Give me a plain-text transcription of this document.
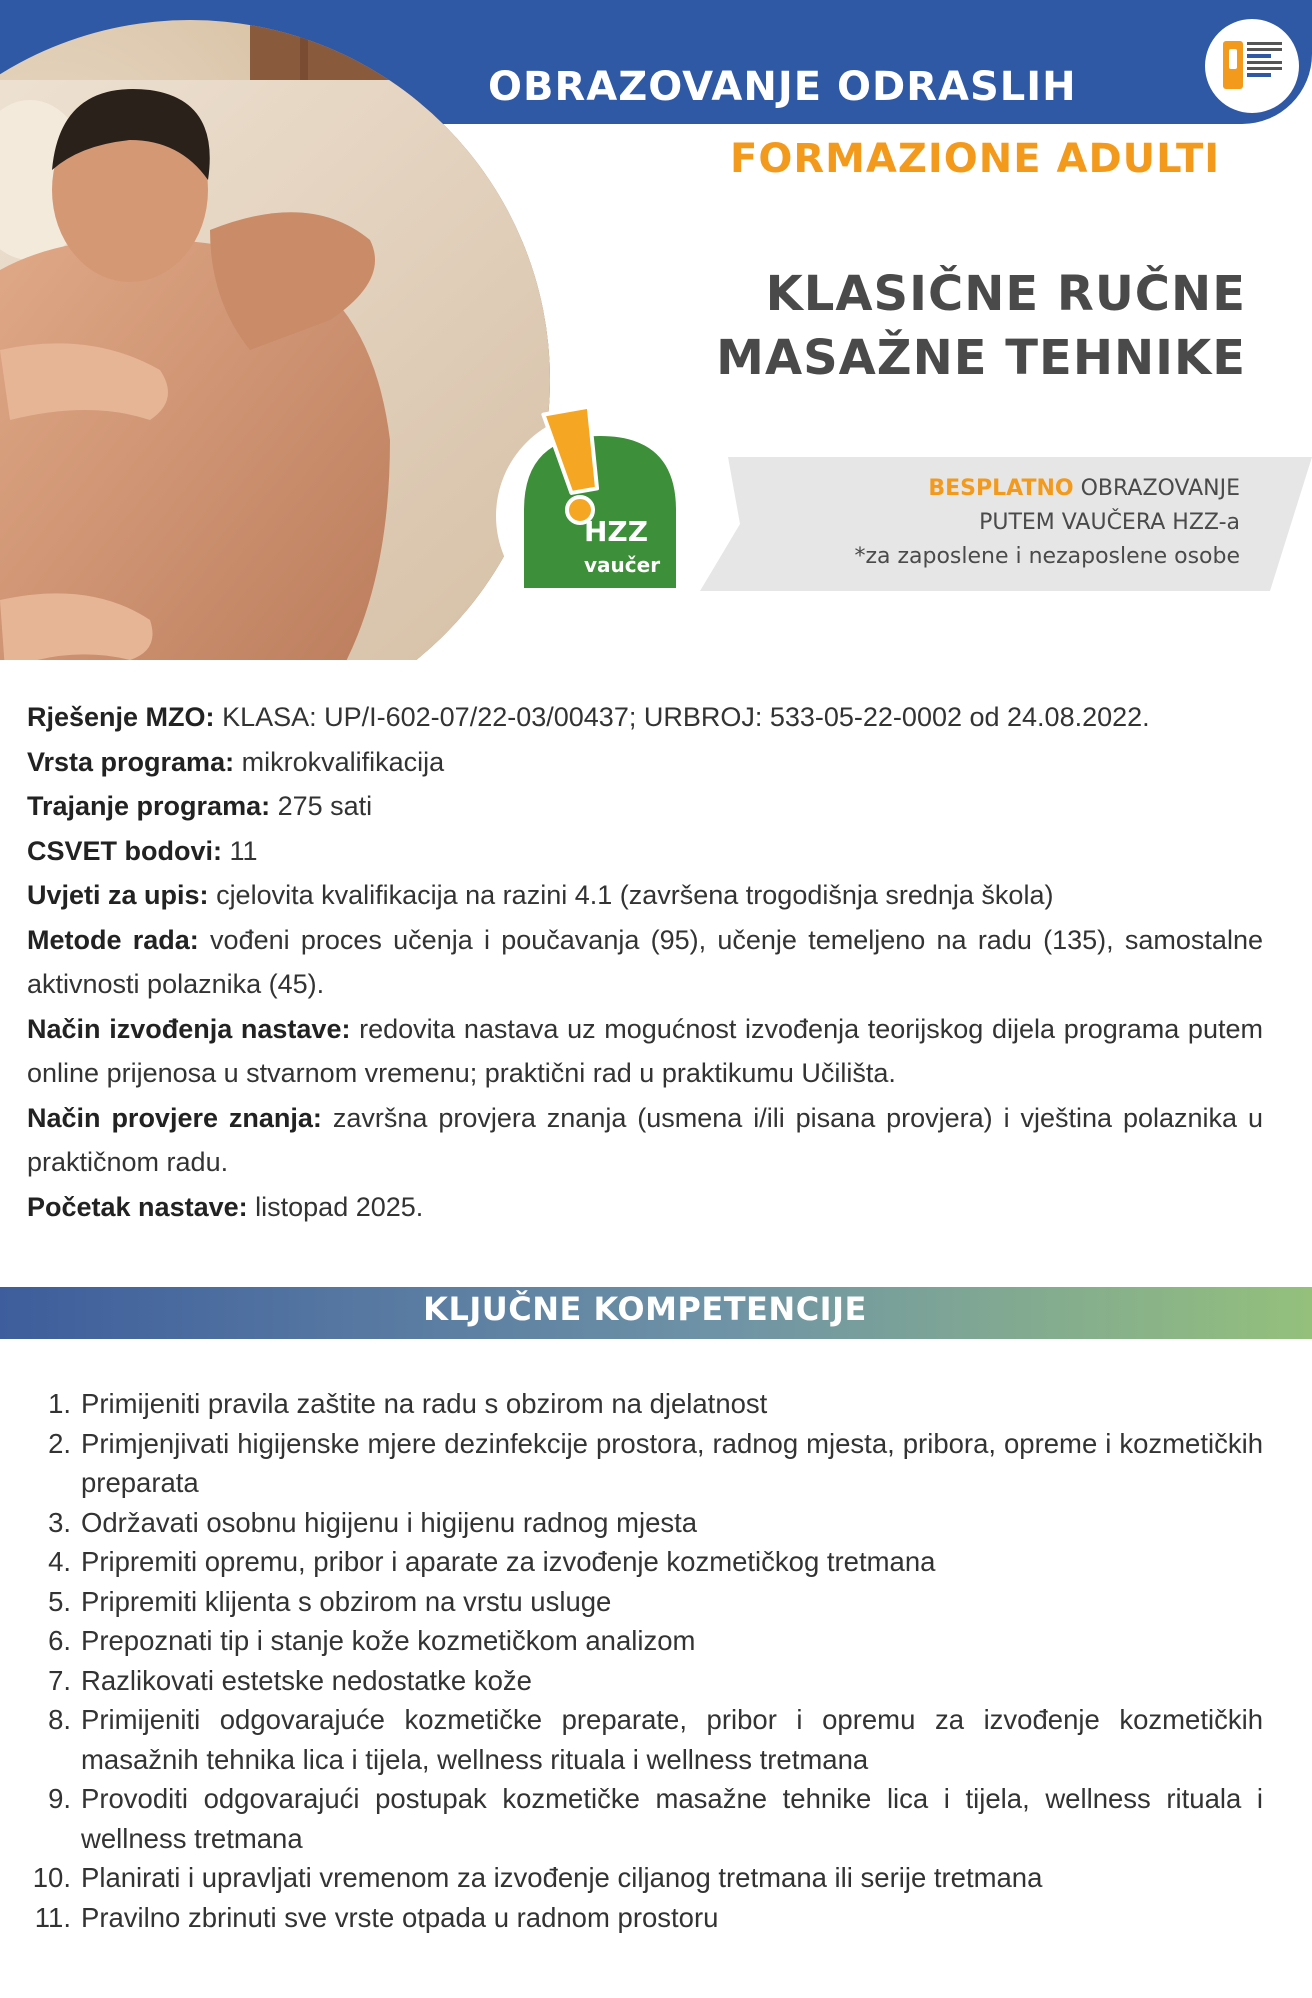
OBRAZOVANJE ODRASLIH
FORMAZIONE ADULTI
KLASIČNE RUČNE
MASAŽNE TEHNIKE
BESPLATNO OBRAZOVANJE
PUTEM VAUČERA HZZ-a
*za zaposlene i nezaposlene osobe
HZZ
vaučer

Rješenje MZO: KLASA: UP/I-602-07/22-03/00437; URBROJ: 533-05-22-0002 od 24.08.2022.

Vrsta programa: mikrokvalifikacija

Trajanje programa: 275 sati

CSVET bodovi: 11

Uvjeti za upis: cjelovita kvalifikacija na razini 4.1 (završena trogodišnja srednja škola)

Metode rada: vođeni proces učenja i poučavanja (95), učenje temeljeno na radu (135), samostalne aktivnosti polaznika (45).

Način izvođenja nastave: redovita nastava uz mogućnost izvođenja teorijskog dijela programa putem online prijenosa u stvarnom vremenu; praktični rad u praktikumu Učilišta.

Način provjere znanja: završna provjera znanja (usmena i/ili pisana provjera) i vještina polaznika u praktičnom radu.

Početak nastave: listopad 2025.

KLJUČNE KOMPETENCIJE
1. Primijeniti pravila zaštite na radu s obzirom na djelatnost
2. Primjenjivati higijenske mjere dezinfekcije prostora, radnog mjesta, pribora, opreme i kozmetičkih preparata
3. Održavati osobnu higijenu i higijenu radnog mjesta
4. Pripremiti opremu, pribor i aparate za izvođenje kozmetičkog tretmana
5. Pripremiti klijenta s obzirom na vrstu usluge
6. Prepoznati tip i stanje kože kozmetičkom analizom
7. Razlikovati estetske nedostatke kože
8. Primijeniti odgovarajuće kozmetičke preparate, pribor i opremu za izvođenje kozmetičkih masažnih tehnika lica i tijela, wellness rituala i wellness tretmana
9. Provoditi odgovarajući postupak kozmetičke masažne tehnike lica i tijela, wellness rituala i wellness tretmana
10. Planirati i upravljati vremenom za izvođenje ciljanog tretmana ili serije tretmana
11. Pravilno zbrinuti sve vrste otpada u radnom prostoru
